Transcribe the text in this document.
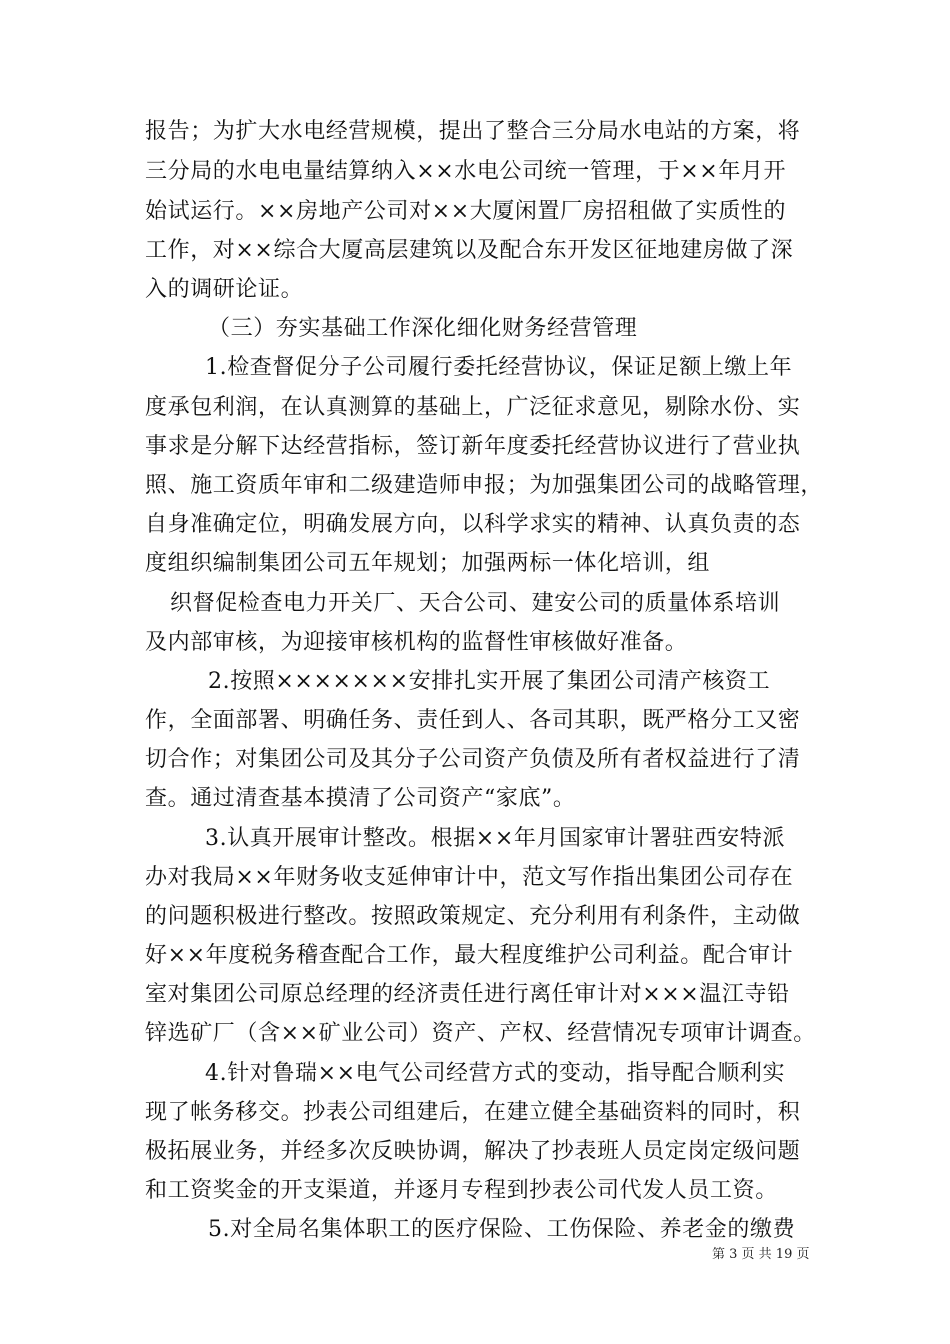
报告；为扩大水电经营规模，提出了整合三分局水电站的方案，将
三分局的水电电量结算纳入××水电公司统一管理，于××年月开
始试运行。××房地产公司对××大厦闲置厂房招租做了实质性的
工作，对××综合大厦高层建筑以及配合东开发区征地建房做了深
入的调研论证。
（三）夯实基础工作深化细化财务经营管理
1.检查督促分子公司履行委托经营协议，保证足额上缴上年
度承包利润，在认真测算的基础上，广泛征求意见，剔除水份、实
事求是分解下达经营指标，签订新年度委托经营协议进行了营业执
照、施工资质年审和二级建造师申报；为加强集团公司的战略管理，
自身准确定位，明确发展方向，以科学求实的精神、认真负责的态
度组织编制集团公司五年规划；加强两标一体化培训，组
织督促检查电力开关厂、天合公司、建安公司的质量体系培训
及内部审核，为迎接审核机构的监督性审核做好准备。
2.按照×××××××安排扎实开展了集团公司清产核资工
作，全面部署、明确任务、责任到人、各司其职，既严格分工又密
切合作；对集团公司及其分子公司资产负债及所有者权益进行了清
查。通过清查基本摸清了公司资产“家底”。
3.认真开展审计整改。根据××年月国家审计署驻西安特派
办对我局××年财务收支延伸审计中，范文写作指出集团公司存在
的问题积极进行整改。按照政策规定、充分利用有利条件，主动做
好××年度税务稽查配合工作，最大程度维护公司利益。配合审计
室对集团公司原总经理的经济责任进行离任审计对×××温江寺铅
锌选矿厂（含××矿业公司）资产、产权、经营情况专项审计调查。
4.针对鲁瑞××电气公司经营方式的变动，指导配合顺利实
现了帐务移交。抄表公司组建后，在建立健全基础资料的同时，积
极拓展业务，并经多次反映协调，解决了抄表班人员定岗定级问题
和工资奖金的开支渠道，并逐月专程到抄表公司代发人员工资。
5.对全局名集体职工的医疗保险、工伤保险、养老金的缴费
第 3 页 共 19 页
